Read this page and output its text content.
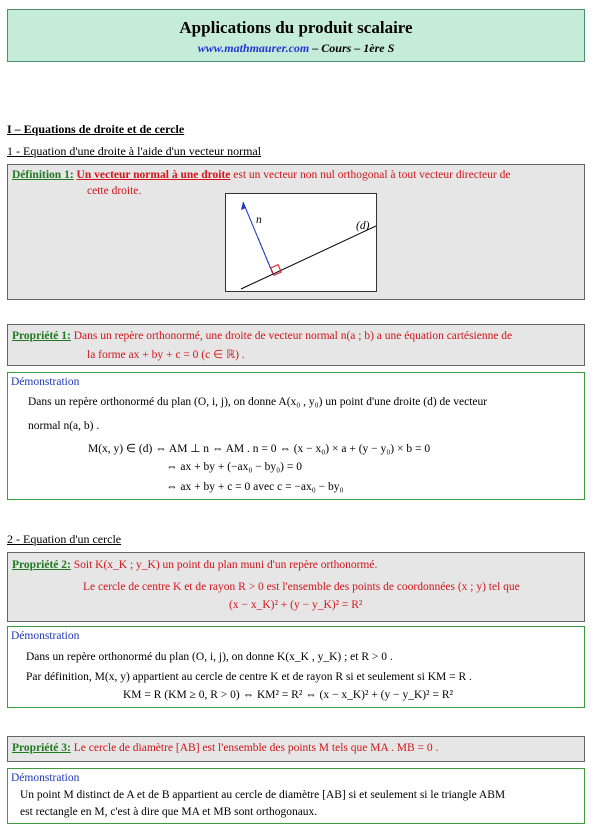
Applications du produit scalaire
www.mathmaurer.com – Cours – 1ère S
I – Equations de droite et de cercle
1 - Equation d'une droite à l'aide d'un vecteur normal
Définition 1: Un vecteur normal à une droite est un vecteur non nul orthogonal à tout vecteur directeur de
cette droite.
n	(d)
Propriété 1: Dans un repère orthonormé, une droite de vecteur normal n(a ; b) a une équation cartésienne de
la forme ax + by + c = 0 (c ∈ ℝ) .
Démonstration
Dans un repère orthonormé du plan (O, i, j), on donne A(x₀ , y₀) un point d'une droite (d) de vecteur
normal n(a, b) .
M(x, y) ∈ (d) ⇔ AM ⊥ n ⇔ AM . n = 0 ⇔ (x − x₀) × a + (y − y₀) × b = 0
⇔ ax + by + (−ax₀ − by₀) = 0
⇔ ax + by + c = 0 avec c = −ax₀ − by₀
2 - Equation d'un cercle
Propriété 2: Soit K(x_K ; y_K) un point du plan muni d'un repère orthonormé.
Le cercle de centre K et de rayon R > 0 est l'ensemble des points de coordonnées (x ; y) tel que
(x − x_K)² + (y − y_K)² = R²
Démonstration
Dans un repère orthonormé du plan (O, i, j), on donne K(x_K , y_K) ; et R > 0 .
Par définition, M(x, y) appartient au cercle de centre K et de rayon R si et seulement si KM = R .
KM = R (KM ≥ 0, R > 0) ⇔ KM² = R² ⇔ (x − x_K)² + (y − y_K)² = R²
Propriété 3: Le cercle de diamètre [AB] est l'ensemble des points M tels que MA . MB = 0 .
Démonstration
Un point M distinct de A et de B appartient au cercle de diamètre [AB] si et seulement si le triangle ABM
est rectangle en M, c'est à dire que MA et MB sont orthogonaux.
